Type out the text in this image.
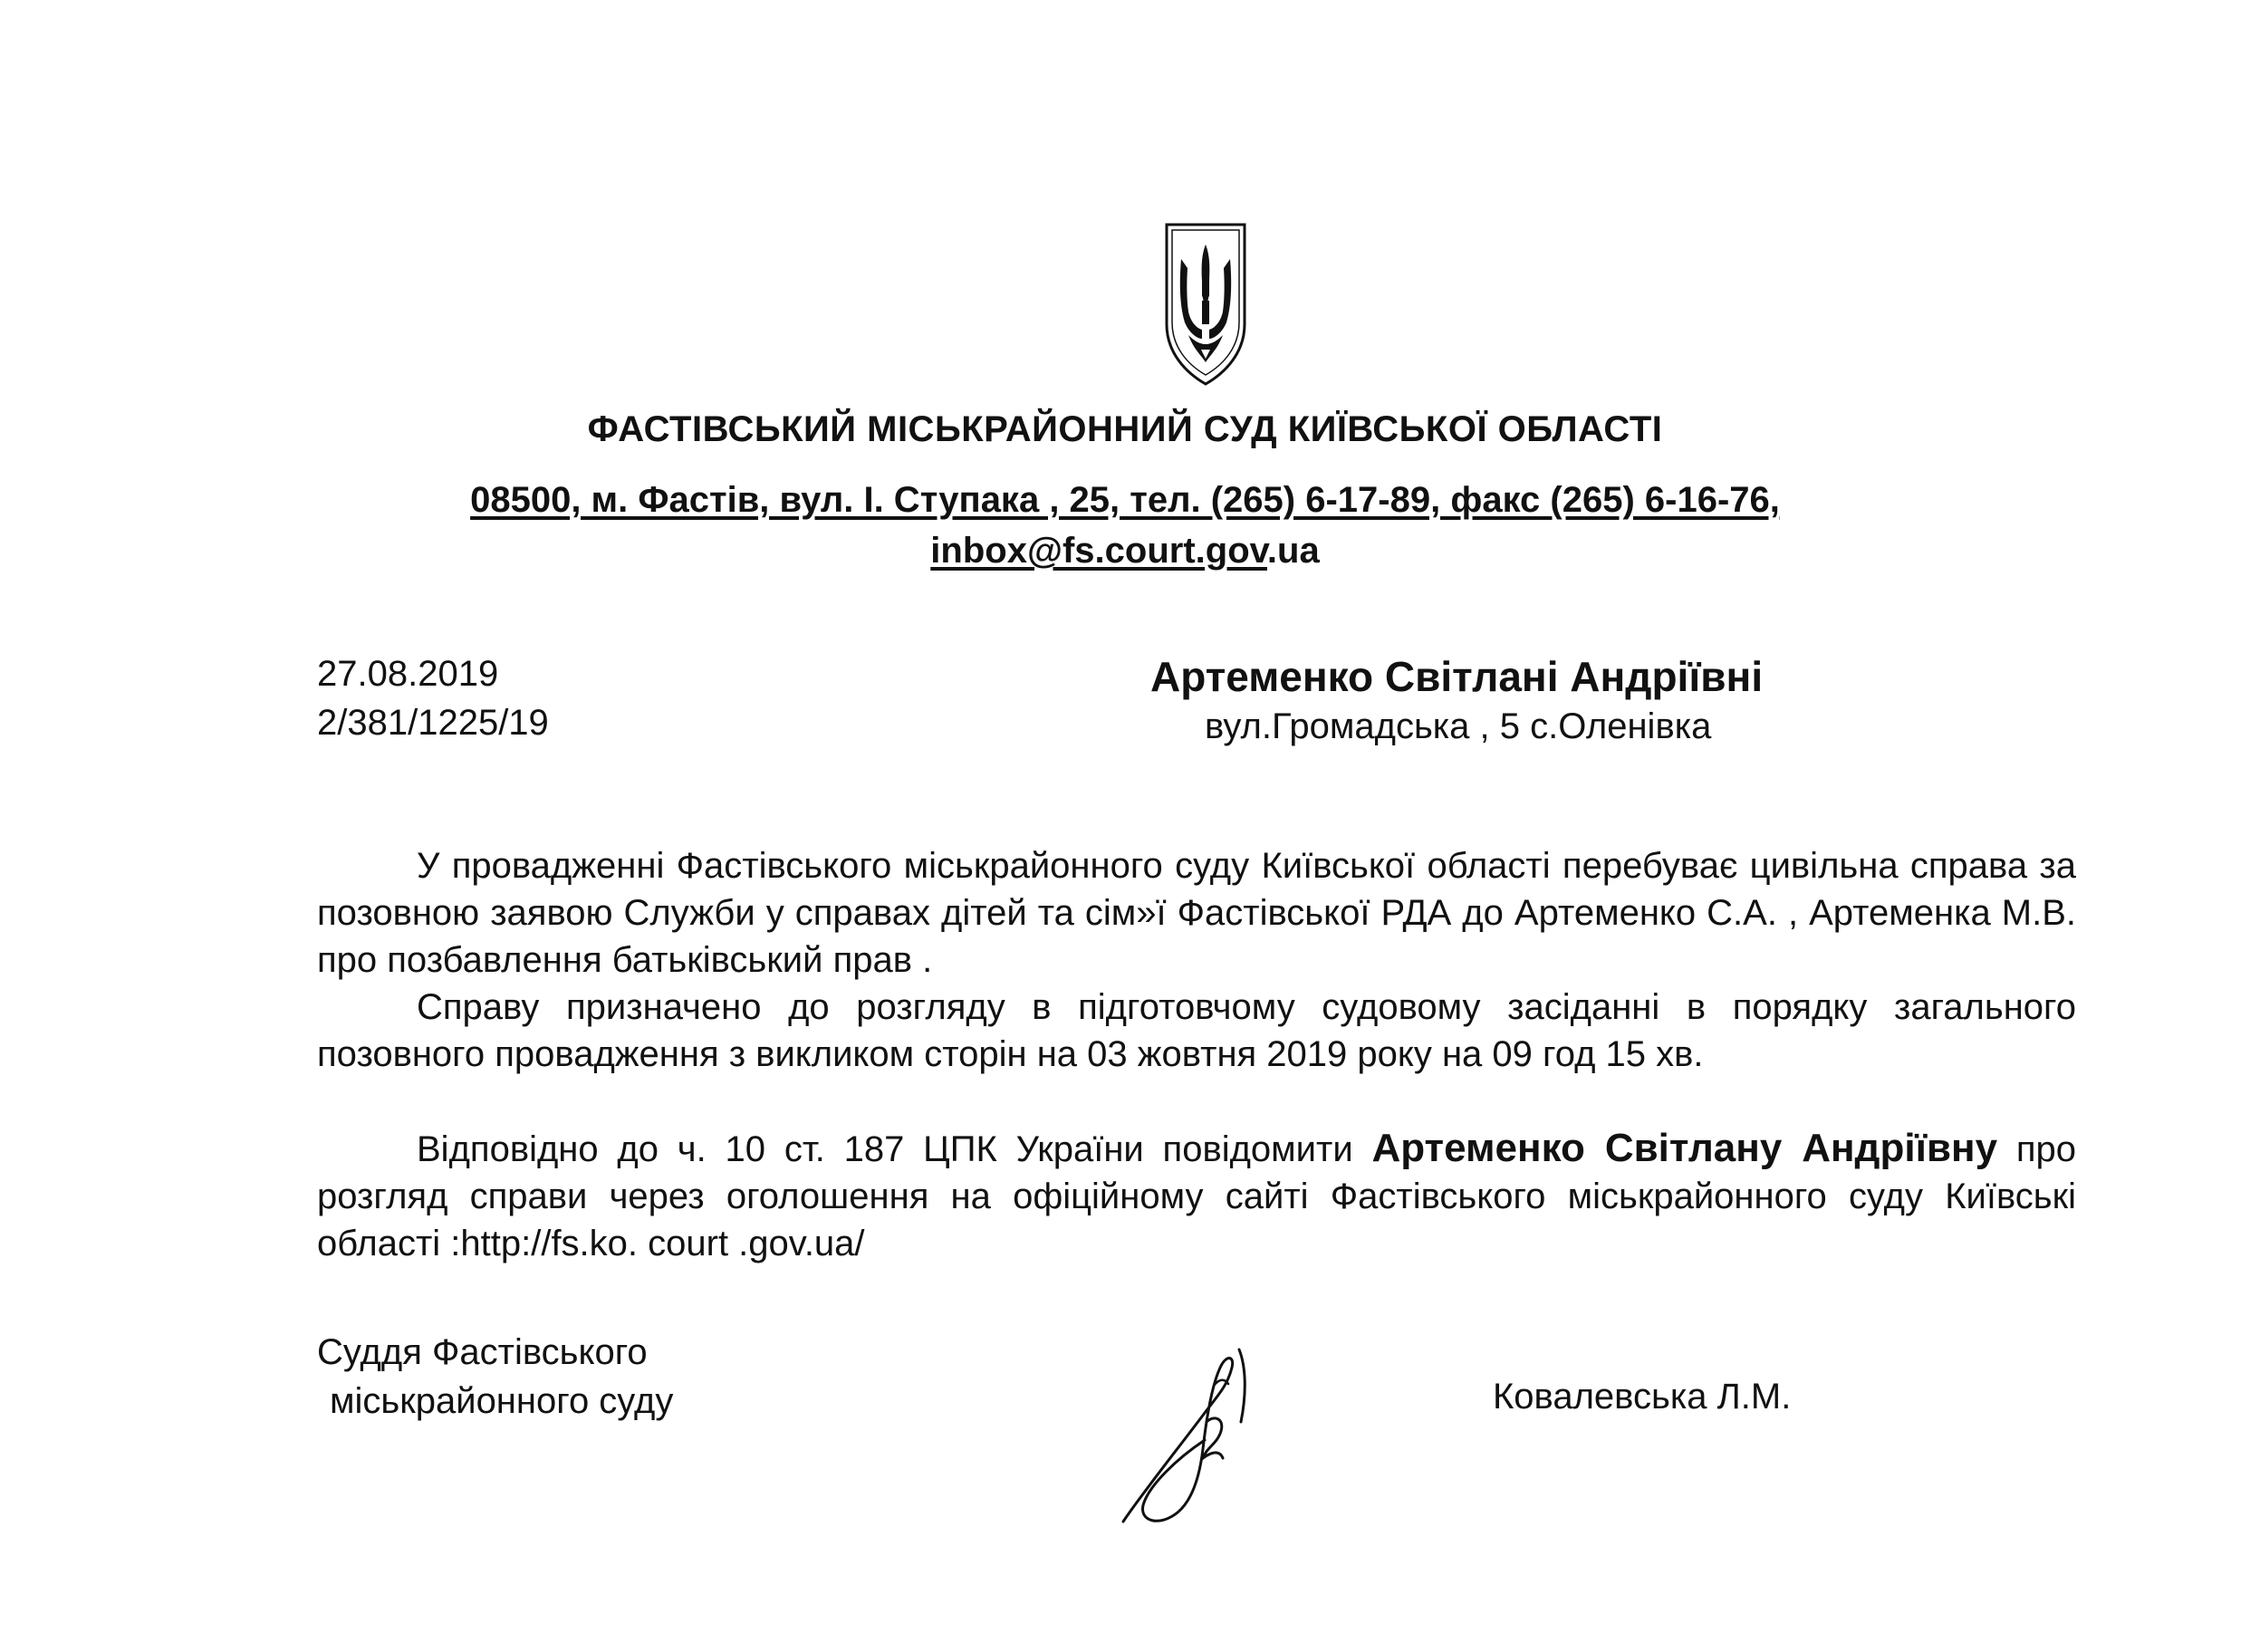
ФАСТІВСЬКИЙ МІСЬКРАЙОННИЙ СУД КИЇВСЬКОЇ ОБЛАСТІ
08500, м. Фастів, вул. І. Ступака , 25, тел. (265) 6-17-89, факс (265) 6-16-76,
inbox@fs.court.gov.ua
27.08.2019
2/381/1225/19
Артеменко Світлані Андріївні
вул.Громадська , 5 с.Оленівка
У провадженні Фастівського міськрайонного суду Київської області перебуває цивільна справа за позовною заявою Служби у справах дітей та сім»ї Фастівської РДА до Артеменко С.А. , Артеменка М.В. про позбавлення батьківський прав .
Справу призначено до розгляду в підготовчому судовому засіданні в порядку загального позовного провадження з викликом сторін на 03 жовтня 2019 року на 09 год 15 хв.
Відповідно до ч. 10 ст. 187 ЦПК України повідомити Артеменко Світлану Андріївну про розгляд справи через оголошення на офіційному сайті Фастівського міськрайонного суду Київські області :http://fs.ko. court .gov.ua/
Суддя Фастівського
міськрайонного суду	Ковалевська Л.М.
